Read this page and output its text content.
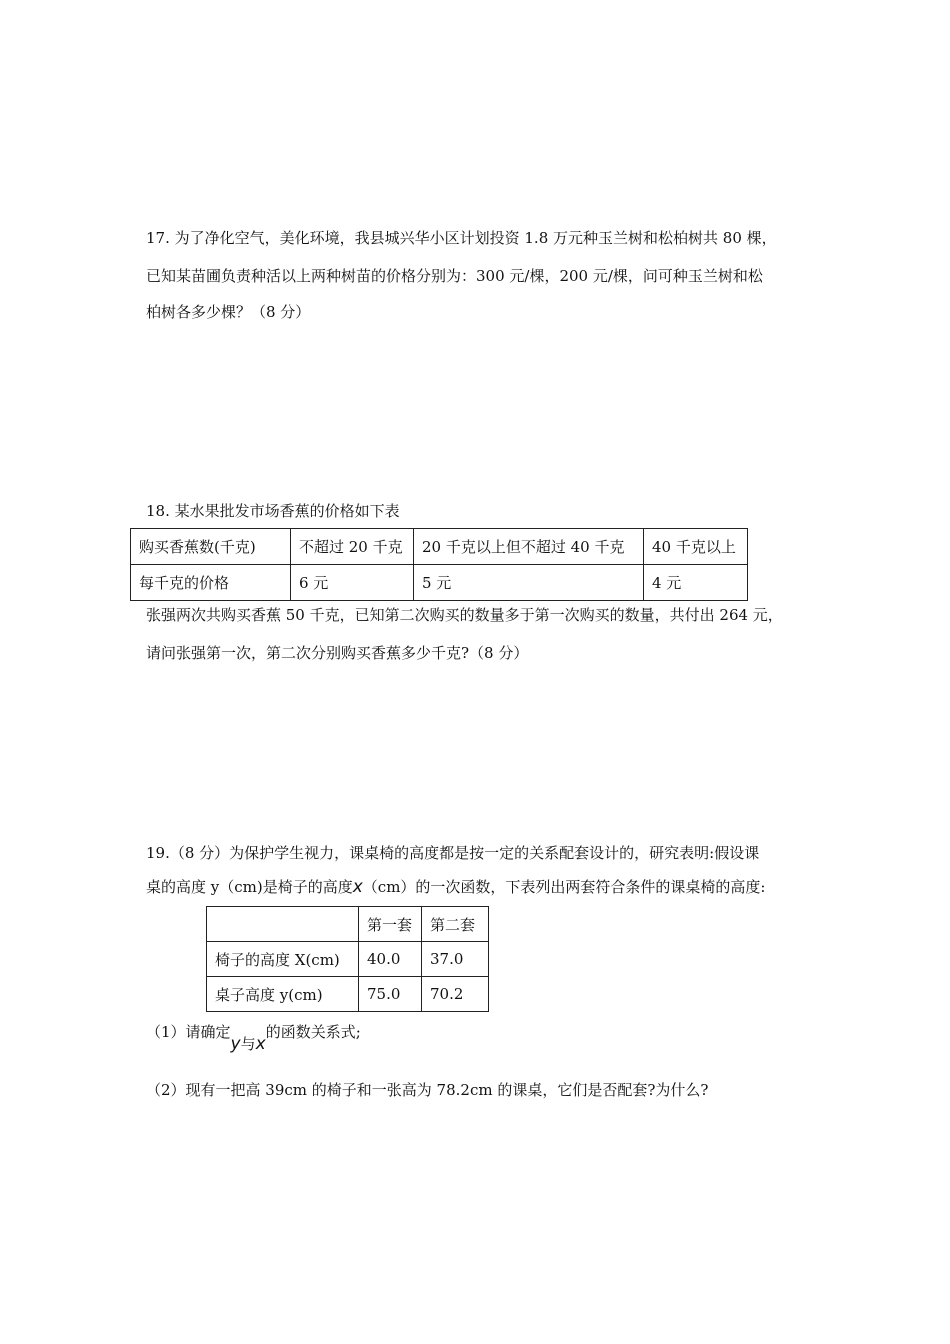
17. 为了净化空气，美化环境，我县城兴华小区计划投资 1.8 万元种玉兰树和松柏树共 80 棵，
已知某苗圃负责种活以上两种树苗的价格分别为：300 元/棵，200 元/棵，问可种玉兰树和松
柏树各多少棵？（8 分）
18. 某水果批发市场香蕉的价格如下表
购买香蕉数(千克)	不超过 20 千克	20 千克以上但不超过 40 千克	40 千克以上
每千克的价格	6 元	5 元	4 元
张强两次共购买香蕉 50 千克，已知第二次购买的数量多于第一次购买的数量，共付出 264 元，
请问张强第一次，第二次分别购买香蕉多少千克?（8 分）
19.（8 分）为保护学生视力，课桌椅的高度都是按一定的关系配套设计的，研究表明:假设课
桌的高度 y（cm)是椅子的高度x（cm）的一次函数，下表列出两套符合条件的课桌椅的高度:
	第一套	第二套
椅子的高度 X(cm)	40.0	37.0
桌子高度 y(cm)	75.0	70.2
（1）请确定y与x的函数关系式;
（2）现有一把高 39cm 的椅子和一张高为 78.2cm 的课桌，它们是否配套?为什么?
